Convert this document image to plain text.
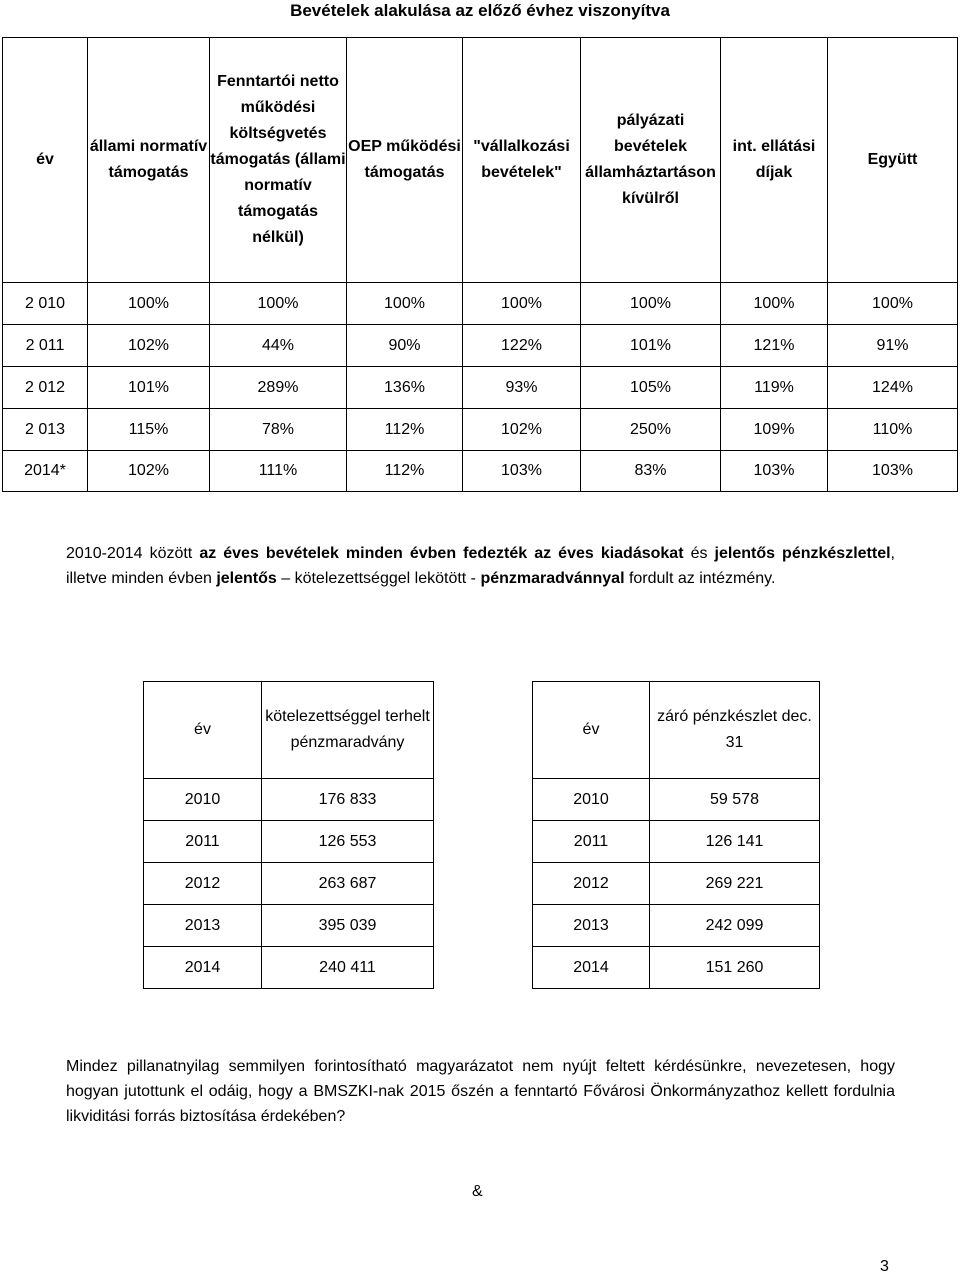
Bevételek alakulása az előző évhez viszonyítva
év	állami normatív támogatás	Fenntartói netto működési költségvetés támogatás (állami normatív támogatás nélkül)	OEP működési támogatás	"vállalkozási bevételek"	pályázati bevételek államháztartáson kívülről	int. ellátási díjak	Együtt
2 010	100%	100%	100%	100%	100%	100%	100%
2 011	102%	44%	90%	122%	101%	121%	91%
2 012	101%	289%	136%	93%	105%	119%	124%
2 013	115%	78%	112%	102%	250%	109%	110%
2014*	102%	111%	112%	103%	83%	103%	103%
2010-2014 között az éves bevételek minden évben fedezték az éves kiadásokat és jelentős pénzkészlettel, illetve minden évben jelentős – kötelezettséggel lekötött - pénzmaradvánnyal fordult az intézmény.
év	kötelezettséggel terhelt pénzmaradvány
2010	176 833
2011	126 553
2012	263 687
2013	395 039
2014	240 411
év	záró pénzkészlet dec. 31
2010	59 578
2011	126 141
2012	269 221
2013	242 099
2014	151 260
Mindez pillanatnyilag semmilyen forintosítható magyarázatot nem nyújt feltett kérdésünkre, nevezetesen, hogy hogyan jutottunk el odáig, hogy a BMSZKI-nak 2015 őszén a fenntartó Fővárosi Önkormányzathoz kellett fordulnia likviditási forrás biztosítása érdekében?
&
3
